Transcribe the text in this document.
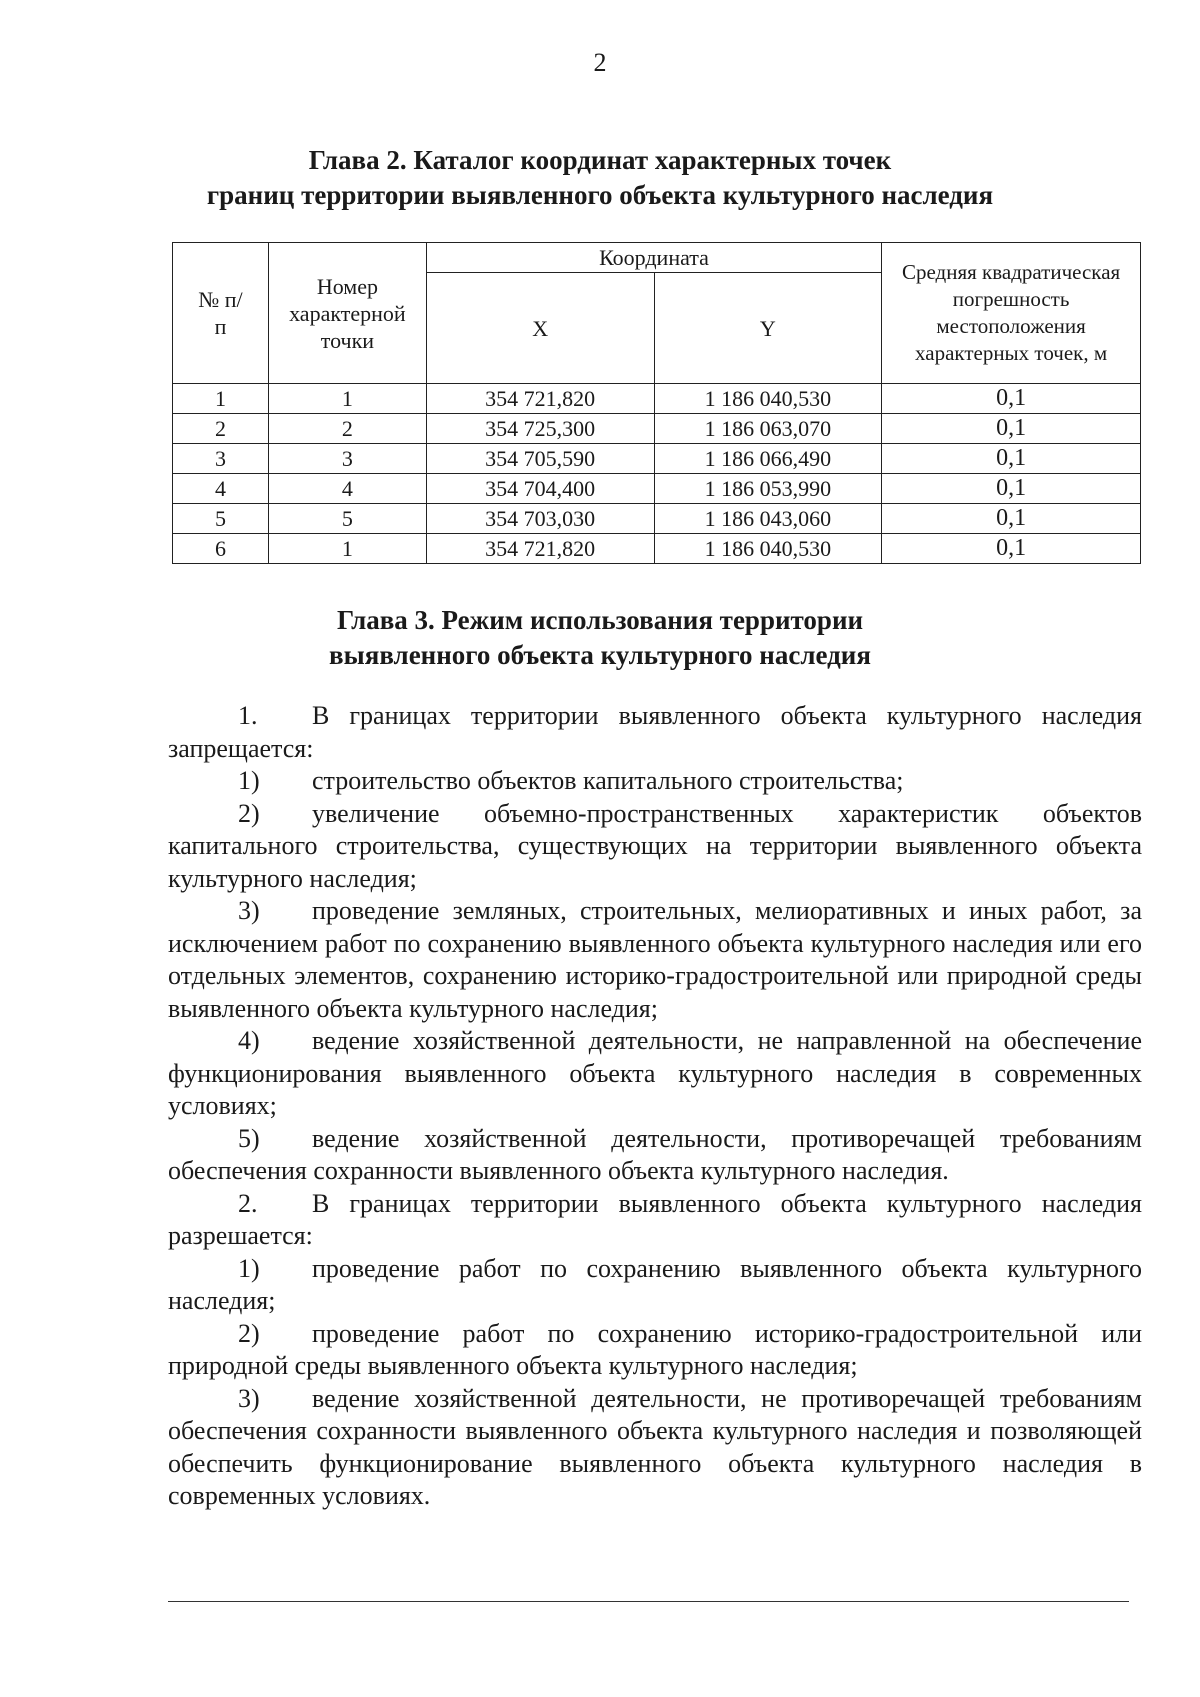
2
Глава 2. Каталог координат характерных точек
границ территории выявленного объекта культурного наследия
№ п/п	Номер характерной точки	Координата		Средняя квадратическая погрешность местоположения характерных точек, м
		X	Y	
1	1	354 721,820	1 186 040,530	0,1
2	2	354 725,300	1 186 063,070	0,1
3	3	354 705,590	1 186 066,490	0,1
4	4	354 704,400	1 186 053,990	0,1
5	5	354 703,030	1 186 043,060	0,1
6	1	354 721,820	1 186 040,530	0,1
Глава 3. Режим использования территории
выявленного объекта культурного наследия

1. В границах территории выявленного объекта культурного наследия запрещается:

1) строительство объектов капитального строительства;

2) увеличение объемно-пространственных характеристик объектов капитального строительства, существующих на территории выявленного объекта культурного наследия;

3) проведение земляных, строительных, мелиоративных и иных работ, за исключением работ по сохранению выявленного объекта культурного наследия или его отдельных элементов, сохранению историко-градостроительной или природной среды выявленного объекта культурного наследия;

4) ведение хозяйственной деятельности, не направленной на обеспечение функционирования выявленного объекта культурного наследия в современных условиях;

5) ведение хозяйственной деятельности, противоречащей требованиям обеспечения сохранности выявленного объекта культурного наследия.

2. В границах территории выявленного объекта культурного наследия разрешается:

1) проведение работ по сохранению выявленного объекта культурного наследия;

2) проведение работ по сохранению историко-градостроительной или природной среды выявленного объекта культурного наследия;

3) ведение хозяйственной деятельности, не противоречащей требованиям обеспечения сохранности выявленного объекта культурного наследия и позволяющей обеспечить функционирование выявленного объекта культурного наследия в современных условиях.
